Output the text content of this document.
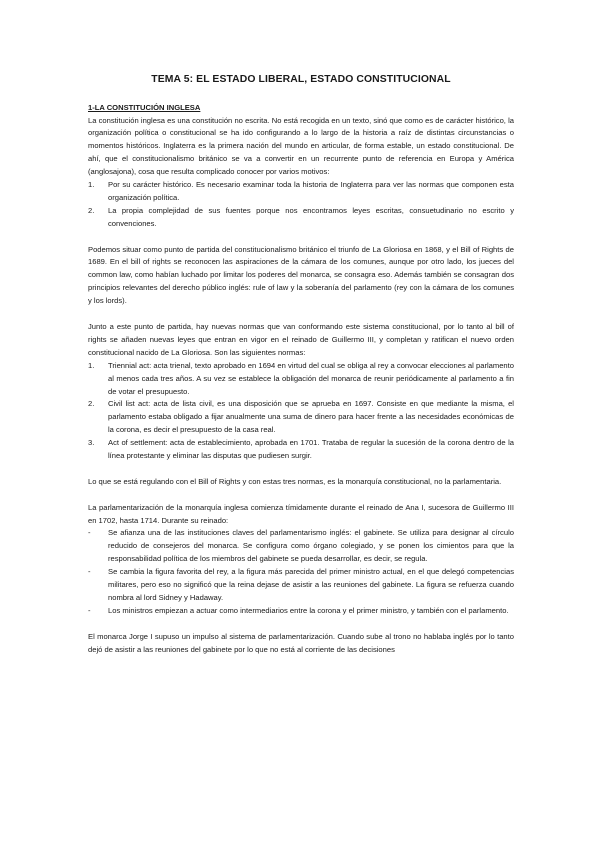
TEMA 5: EL ESTADO LIBERAL, ESTADO CONSTITUCIONAL
1-LA CONSTITUCIÓN INGLESA

La constitución inglesa es una constitución no escrita. No está recogida en un texto, sinó que como es de carácter histórico, la organización política o constitucional se ha ido configurando a lo largo de la historia a raíz de distintas circunstancias o momentos históricos. Inglaterra es la primera nación del mundo en articular, de forma estable, un estado constitucional. De ahí, que el constitucionalismo británico se va a convertir en un recurrente punto de referencia en Europa y América (anglosajona), cosa que resulta complicado conocer por varios motivos:

1.	Por su carácter histórico. Es necesario examinar toda la historia de Inglaterra para ver las normas que componen esta organización política.
2.	La propia complejidad de sus fuentes porque nos encontramos leyes escritas, consuetudinario no escrito y convenciones.

Podemos situar como punto de partida del constitucionalismo británico el triunfo de La Gloriosa en 1868, y el Bill of Rights de 1689. En el bill of rights se reconocen las aspiraciones de la cámara de los comunes, aunque por otro lado, los jueces del common law, como habían luchado por limitar los poderes del monarca, se consagra eso. Además también se consagran dos principios relevantes del derecho público inglés: rule of law y la soberanía del parlamento (rey con la cámara de los comunes y los lords).

Junto a este punto de partida, hay nuevas normas que van conformando este sistema constitucional, por lo tanto al bill of rights se añaden nuevas leyes que entran en vigor en el reinado de Guillermo III, y completan y ratifican el nuevo orden constitucional nacido de La Gloriosa. Son las siguientes normas:

1.	Triennial act: acta trienal, texto aprobado en 1694 en virtud del cual se obliga al rey a convocar elecciones al parlamento al menos cada tres años. A su vez se establece la obligación del monarca de reunir periódicamente al parlamento a fin de votar el presupuesto.
2.	Civil list act: acta de lista civil, es una disposición que se aprueba en 1697. Consiste en que mediante la misma, el parlamento estaba obligado a fijar anualmente una suma de dinero para hacer frente a las necesidades económicas de la corona, es decir el presupuesto de la casa real.
3.	Act of settlement: acta de establecimiento, aprobada en 1701. Trataba de regular la sucesión de la corona dentro de la línea protestante y eliminar las disputas que pudiesen surgir.

Lo que se está regulando con el Bill of Rights y con estas tres normas, es la monarquía constitucional, no la parlamentaria.

La parlamentarización de la monarquía inglesa comienza tímidamente durante el reinado de Ana I, sucesora de Guillermo III en 1702, hasta 1714. Durante su reinado:

-	Se afianza una de las instituciones claves del parlamentarismo inglés: el gabinete. Se utiliza para designar al círculo reducido de consejeros del monarca. Se configura como órgano colegiado, y se ponen los cimientos para que la responsabilidad política de los miembros del gabinete se pueda desarrollar, es decir, se regula.
-	Se cambia la figura favorita del rey, a la figura más parecida del primer ministro actual, en el que delegó competencias militares, pero eso no significó que la reina dejase de asistir a las reuniones del gabinete. La figura se refuerza cuando nombra al lord Sidney y Hadaway.
-	Los ministros empiezan a actuar como intermediarios entre la corona y el primer ministro, y también con el parlamento.

El monarca Jorge I supuso un impulso al sistema de parlamentarización. Cuando sube al trono no hablaba inglés por lo tanto dejó de asistir a las reuniones del gabinete por lo que no está al corriente de las decisiones
